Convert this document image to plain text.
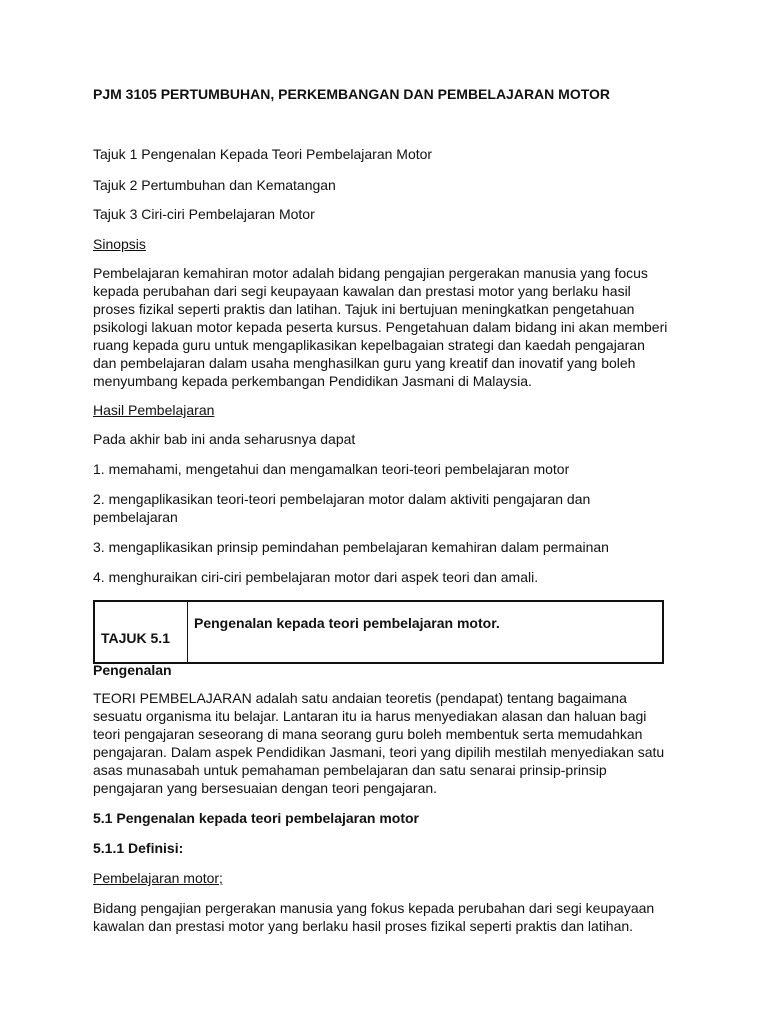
PJM 3105 PERTUMBUHAN, PERKEMBANGAN DAN PEMBELAJARAN MOTOR
Tajuk 1 Pengenalan Kepada Teori Pembelajaran Motor
Tajuk 2 Pertumbuhan dan Kematangan
Tajuk 3 Ciri-ciri Pembelajaran Motor
Sinopsis
Pembelajaran kemahiran motor adalah bidang pengajian pergerakan manusia yang focus
kepada perubahan dari segi keupayaan kawalan dan prestasi motor yang berlaku hasil
proses fizikal seperti praktis dan latihan. Tajuk ini bertujuan meningkatkan pengetahuan
psikologi lakuan motor kepada peserta kursus. Pengetahuan dalam bidang ini akan memberi
ruang kepada guru untuk mengaplikasikan kepelbagaian strategi dan kaedah pengajaran
dan pembelajaran dalam usaha menghasilkan guru yang kreatif dan inovatif yang boleh
menyumbang kepada perkembangan Pendidikan Jasmani di Malaysia.
Hasil Pembelajaran
Pada akhir bab ini anda seharusnya dapat
1. memahami, mengetahui dan mengamalkan teori-teori pembelajaran motor
2. mengaplikasikan teori-teori pembelajaran motor dalam aktiviti pengajaran dan
pembelajaran
3. mengaplikasikan prinsip pemindahan pembelajaran kemahiran dalam permainan
4. menghuraikan ciri-ciri pembelajaran motor dari aspek teori dan amali.
TAJUK 5.1
Pengenalan kepada teori pembelajaran motor.
Pengenalan
TEORI PEMBELAJARAN adalah satu andaian teoretis (pendapat) tentang bagaimana
sesuatu organisma itu belajar. Lantaran itu ia harus menyediakan alasan dan haluan bagi
teori pengajaran seseorang di mana seorang guru boleh membentuk serta memudahkan
pengajaran. Dalam aspek Pendidikan Jasmani, teori yang dipilih mestilah menyediakan satu
asas munasabah untuk pemahaman pembelajaran dan satu senarai prinsip-prinsip
pengajaran yang bersesuaian dengan teori pengajaran.
5.1 Pengenalan kepada teori pembelajaran motor
5.1.1 Definisi:
Pembelajaran motor;
Bidang pengajian pergerakan manusia yang fokus kepada perubahan dari segi keupayaan
kawalan dan prestasi motor yang berlaku hasil proses fizikal seperti praktis dan latihan.
